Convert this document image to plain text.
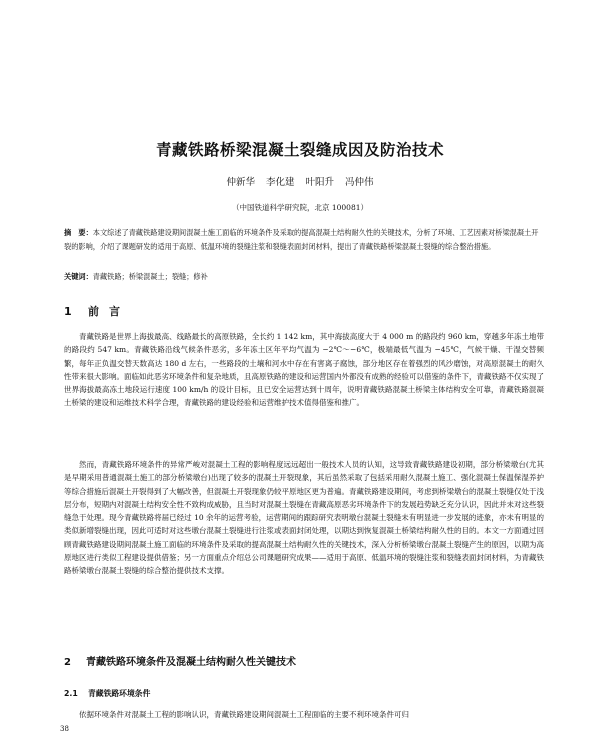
青藏铁路桥梁混凝土裂缝成因及防治技术
仲新华 李化建 叶阳升 冯仲伟
（中国铁道科学研究院，北京 100081）
摘　要：本文综述了青藏铁路建设期间混凝土施工面临的环境条件及采取的提高混凝土结构耐久性的关键技术，分析了环境、工艺因素对桥梁混凝土开裂的影响，介绍了课题研发的适用于高原、低温环境的裂缝注浆和裂缝表面封闭材料，提出了青藏铁路桥梁混凝土裂缝的综合整治措施。
关键词：青藏铁路；桥梁混凝土；裂缝；修补
1 前言
青藏铁路是世界上海拔最高、线路最长的高原铁路，全长约 1 142 km，其中海拔高度大于 4 000 m 的路段约 960 km，穿越多年冻土地带的路段约 547 km。青藏铁路沿线气候条件恶劣，多年冻土区年平均气温为 −2℃～−6℃，极端最低气温为 −45℃，气候干燥、干湿交替频繁，每年正负温交替天数高达 180 d 左右，一些路段的土壤和河水中存在有害离子腐蚀，部分地区存在着强烈的风沙磨蚀，对高原混凝土的耐久性带来很大影响。面临如此恶劣环境条件和复杂地质，且高原铁路的建设和运营国内外都没有成熟的经验可以借鉴的条件下，青藏铁路不仅实现了世界海拔最高冻土地段运行速度 100 km/h 的设计目标，且已安全运营达到十周年，说明青藏铁路混凝土桥梁主体结构安全可靠，青藏铁路混凝土桥梁的建设和运维技术科学合理，青藏铁路的建设经验和运营维护技术值得借鉴和推广。
然而，青藏铁路环境条件的异常严峻对混凝土工程的影响程度远远超出一般技术人员的认知，这导致青藏铁路建设初期，部分桥梁墩台(尤其是早期采用普通混凝土施工的部分桥梁墩台)出现了较多的混凝土开裂现象，其后虽然采取了包括采用耐久混凝土施工、强化混凝土保温保湿养护等综合措施后混凝土开裂得到了大幅改善，但混凝土开裂现象仍较平原地区更为普遍。青藏铁路建设期间，考虑到桥梁墩台的混凝土裂缝仅处于浅层分布，短期内对混凝土结构安全性不致构成威胁，且当时对混凝土裂缝在青藏高原恶劣环境条件下的发展趋势缺乏充分认识，因此并未对这些裂缝急于处理。现今青藏铁路将届已经过 10 余年的运营考验，运营期间的跟踪研究表明墩台混凝土裂缝未有明显进一步发展的迹象，亦未有明显的类似新增裂缝出现，因此可适时对这些墩台混凝土裂缝进行注浆或表面封闭处理，以期达到恢复混凝土桥梁结构耐久性的目的。本文一方面通过回顾青藏铁路建设期间混凝土施工面临的环境条件及采取的提高混凝土结构耐久性的关键技术，深入分析桥梁墩台混凝土裂缝产生的原因，以期为高原地区进行类似工程建设提供借鉴；另一方面重点介绍总公司课题研究成果——适用于高原、低温环境的裂缝注浆和裂缝表面封闭材料，为青藏铁路桥梁墩台混凝土裂缝的综合整治提供技术支撑。
2 青藏铁路环境条件及混凝土结构耐久性关键技术
2.1 青藏铁路环境条件
依据环境条件对混凝土工程的影响认识，青藏铁路建设期间混凝土工程面临的主要不利环境条件可归
38
